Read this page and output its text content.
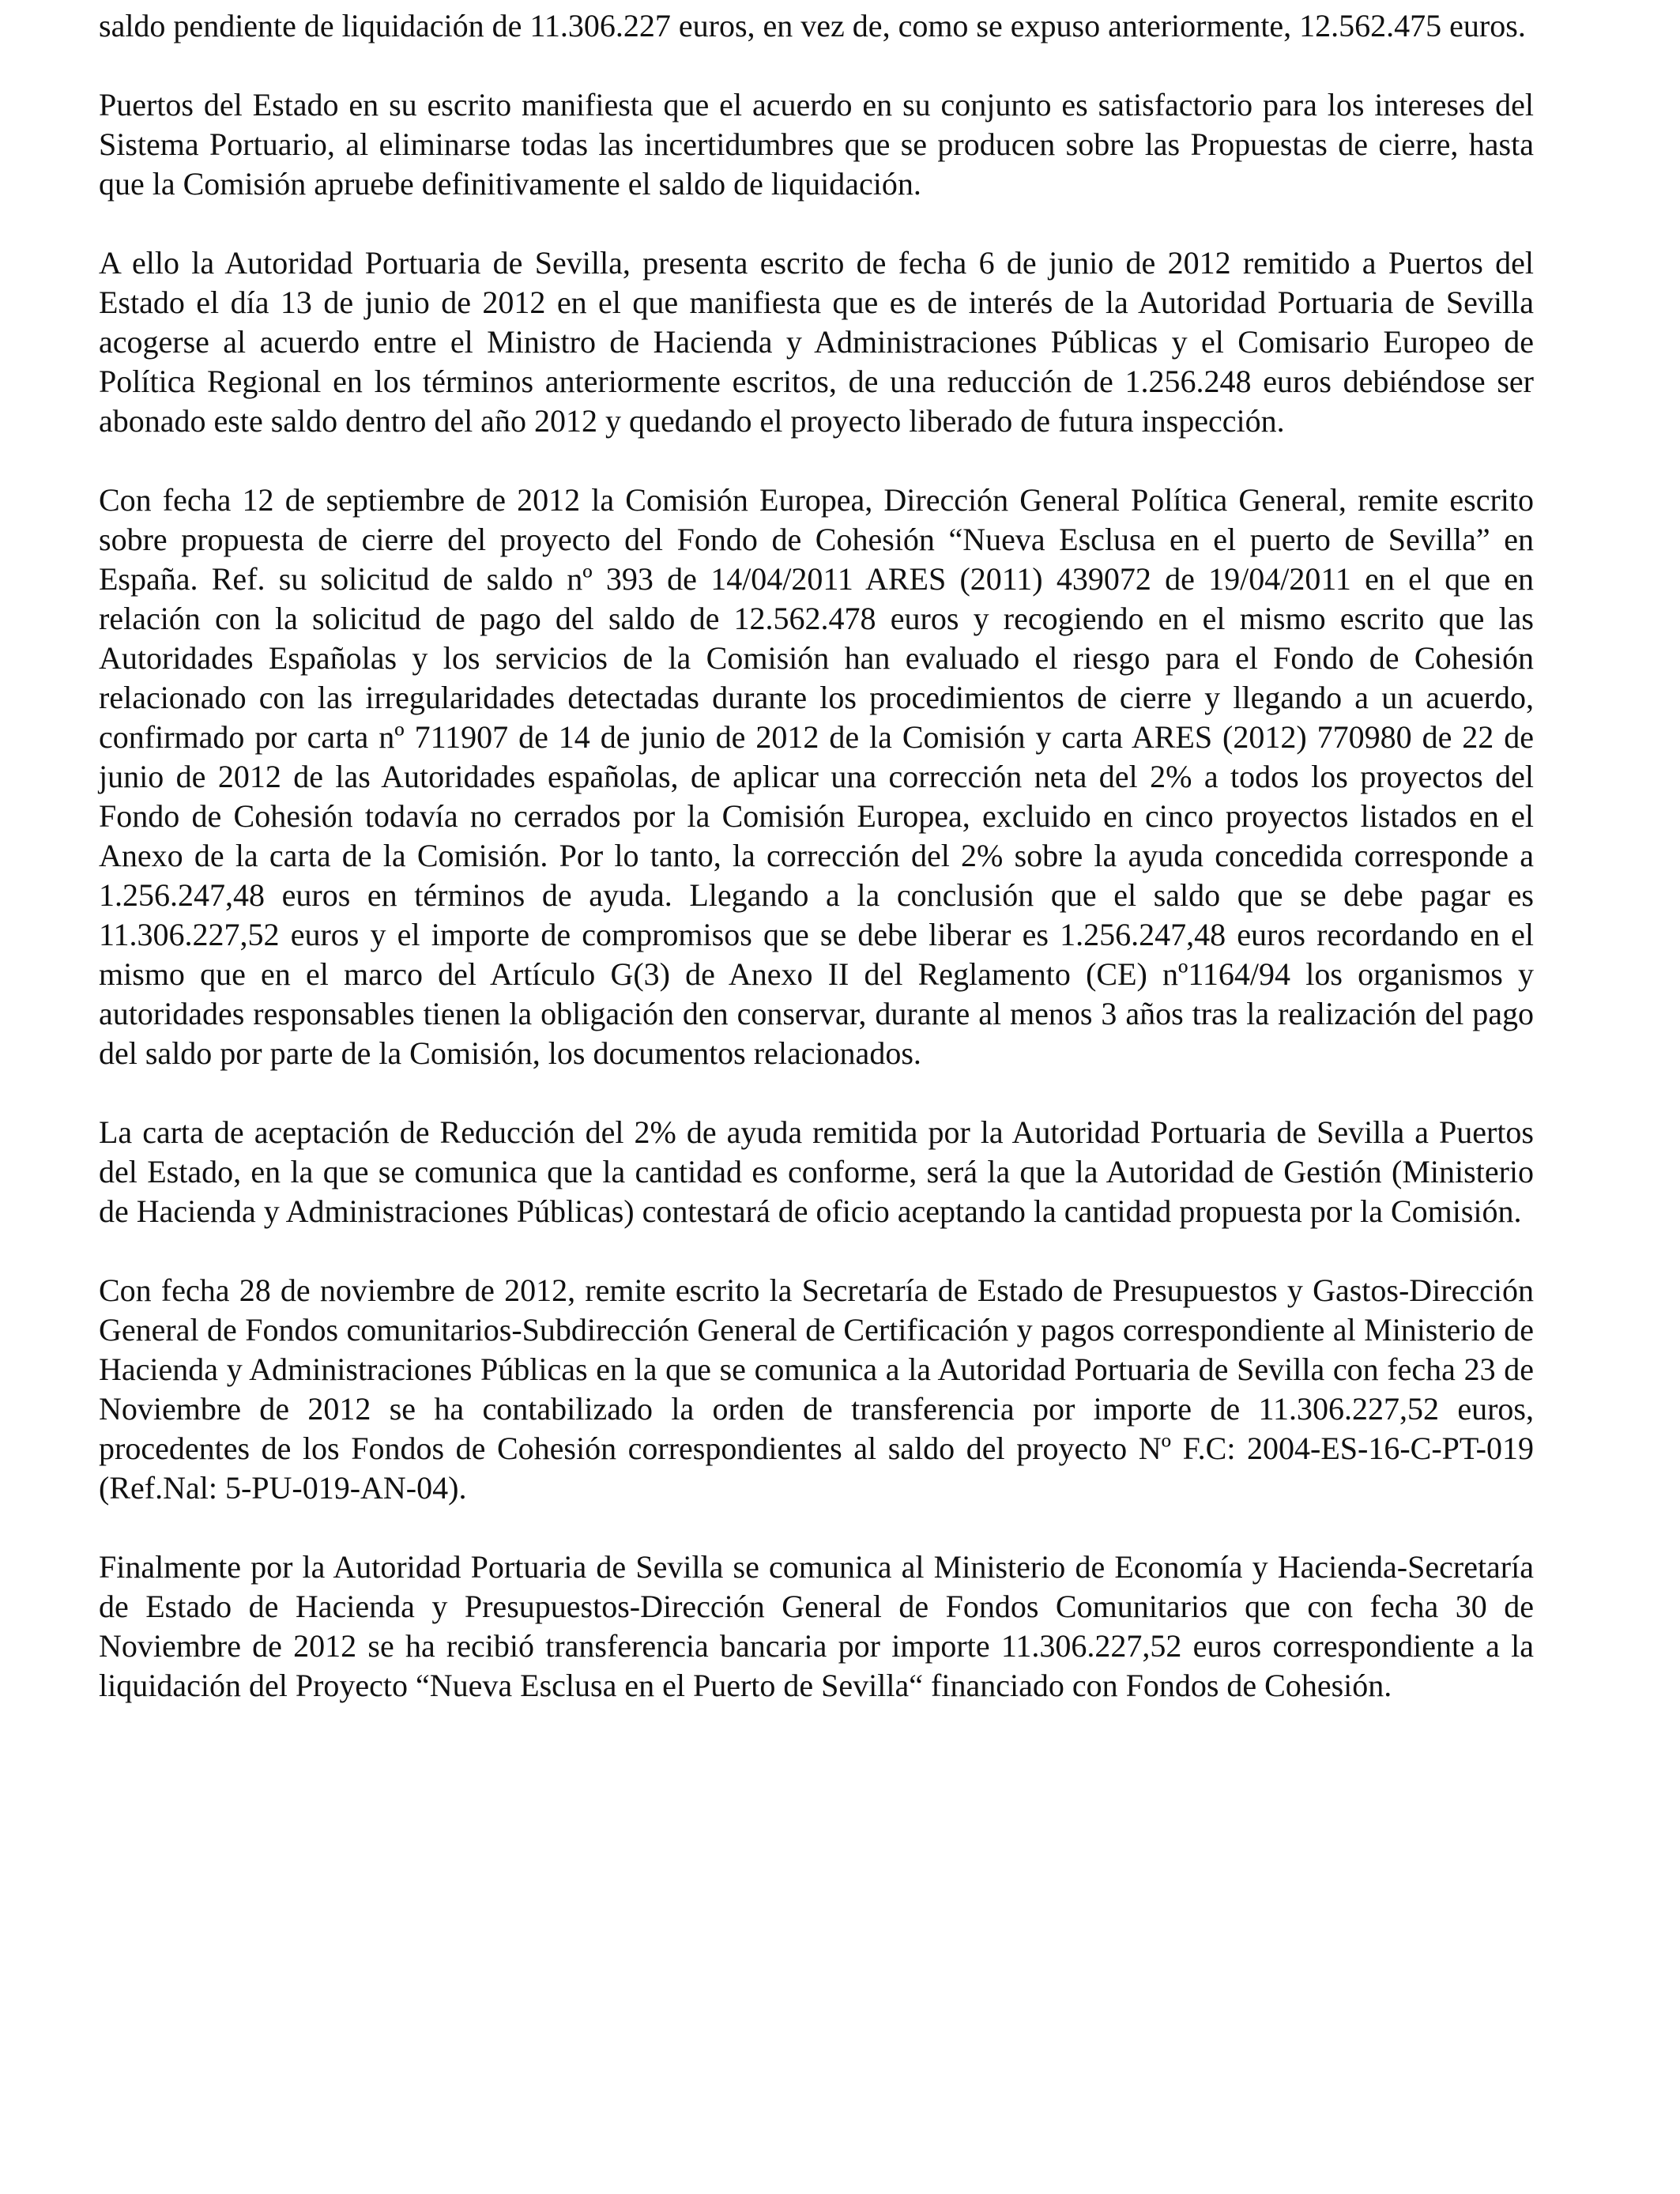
saldo pendiente de liquidación de 11.306.227 euros, en vez de, como se expuso anteriormente, 12.562.475 euros.

Puertos del Estado en su escrito manifiesta que el acuerdo en su conjunto es satisfactorio para los intereses del Sistema Portuario, al eliminarse todas las incertidumbres que se producen sobre las Propuestas de cierre, hasta que la Comisión apruebe definitivamente el saldo de liquidación.

A ello la Autoridad Portuaria de Sevilla, presenta escrito de fecha 6 de junio de 2012 remitido a Puertos del Estado el día 13 de junio de 2012 en el que manifiesta que es de interés de la Autoridad Portuaria de Sevilla acogerse al acuerdo entre el Ministro de Hacienda y Administraciones Públicas y el Comisario Europeo de Política Regional en los términos anteriormente escritos, de una reducción de 1.256.248 euros debiéndose ser abonado este saldo dentro del año 2012 y quedando el proyecto liberado de futura inspección.

Con fecha 12 de septiembre de 2012 la Comisión Europea, Dirección General Política General, remite escrito sobre propuesta de cierre del proyecto del Fondo de Cohesión “Nueva Esclusa en el puerto de Sevilla” en España. Ref. su solicitud de saldo nº 393 de 14/04/2011 ARES (2011) 439072 de 19/04/2011 en el que en relación con la solicitud de pago del saldo de 12.562.478 euros y recogiendo en el mismo escrito que las Autoridades Españolas y los servicios de la Comisión han evaluado el riesgo para el Fondo de Cohesión relacionado con las irregularidades detectadas durante los procedimientos de cierre y llegando a un acuerdo, confirmado por carta nº 711907 de 14 de junio de 2012 de la Comisión y carta ARES (2012) 770980 de 22 de junio de 2012 de las Autoridades españolas, de aplicar una corrección neta del 2% a todos los proyectos del Fondo de Cohesión todavía no cerrados por la Comisión Europea, excluido en cinco proyectos listados en el Anexo de la carta de la Comisión. Por lo tanto, la corrección del 2% sobre la ayuda concedida corresponde a 1.256.247,48 euros en términos de ayuda. Llegando a la conclusión que el saldo que se debe pagar es 11.306.227,52 euros y el importe de compromisos que se debe liberar es 1.256.247,48 euros recordando en el mismo que en el marco del Artículo G(3) de Anexo II del Reglamento (CE) nº1164/94 los organismos y autoridades responsables tienen la obligación den conservar, durante al menos 3 años tras la realización del pago del saldo por parte de la Comisión, los documentos relacionados.

La carta de aceptación de Reducción del 2% de ayuda remitida por la Autoridad Portuaria de Sevilla a Puertos del Estado, en la que se comunica que la cantidad es conforme, será la que la Autoridad de Gestión (Ministerio de Hacienda y Administraciones Públicas) contestará de oficio aceptando la cantidad propuesta por la Comisión.

Con fecha 28 de noviembre de 2012, remite escrito la Secretaría de Estado de Presupuestos y Gastos-Dirección General de Fondos comunitarios-Subdirección General de Certificación y pagos correspondiente al Ministerio de Hacienda y Administraciones Públicas en la que se comunica a la Autoridad Portuaria de Sevilla con fecha 23 de Noviembre de 2012 se ha contabilizado la orden de transferencia por importe de 11.306.227,52 euros, procedentes de los Fondos de Cohesión correspondientes al saldo del proyecto Nº F.C: 2004-ES-16-C-PT-019 (Ref.Nal: 5-PU-019-AN-04).

Finalmente por la Autoridad Portuaria de Sevilla se comunica al Ministerio de Economía y Hacienda-Secretaría de Estado de Hacienda y Presupuestos-Dirección General de Fondos Comunitarios que con fecha 30 de Noviembre de 2012 se ha recibió transferencia bancaria por importe 11.306.227,52 euros correspondiente a la liquidación del Proyecto “Nueva Esclusa en el Puerto de Sevilla“ financiado con Fondos de Cohesión.
